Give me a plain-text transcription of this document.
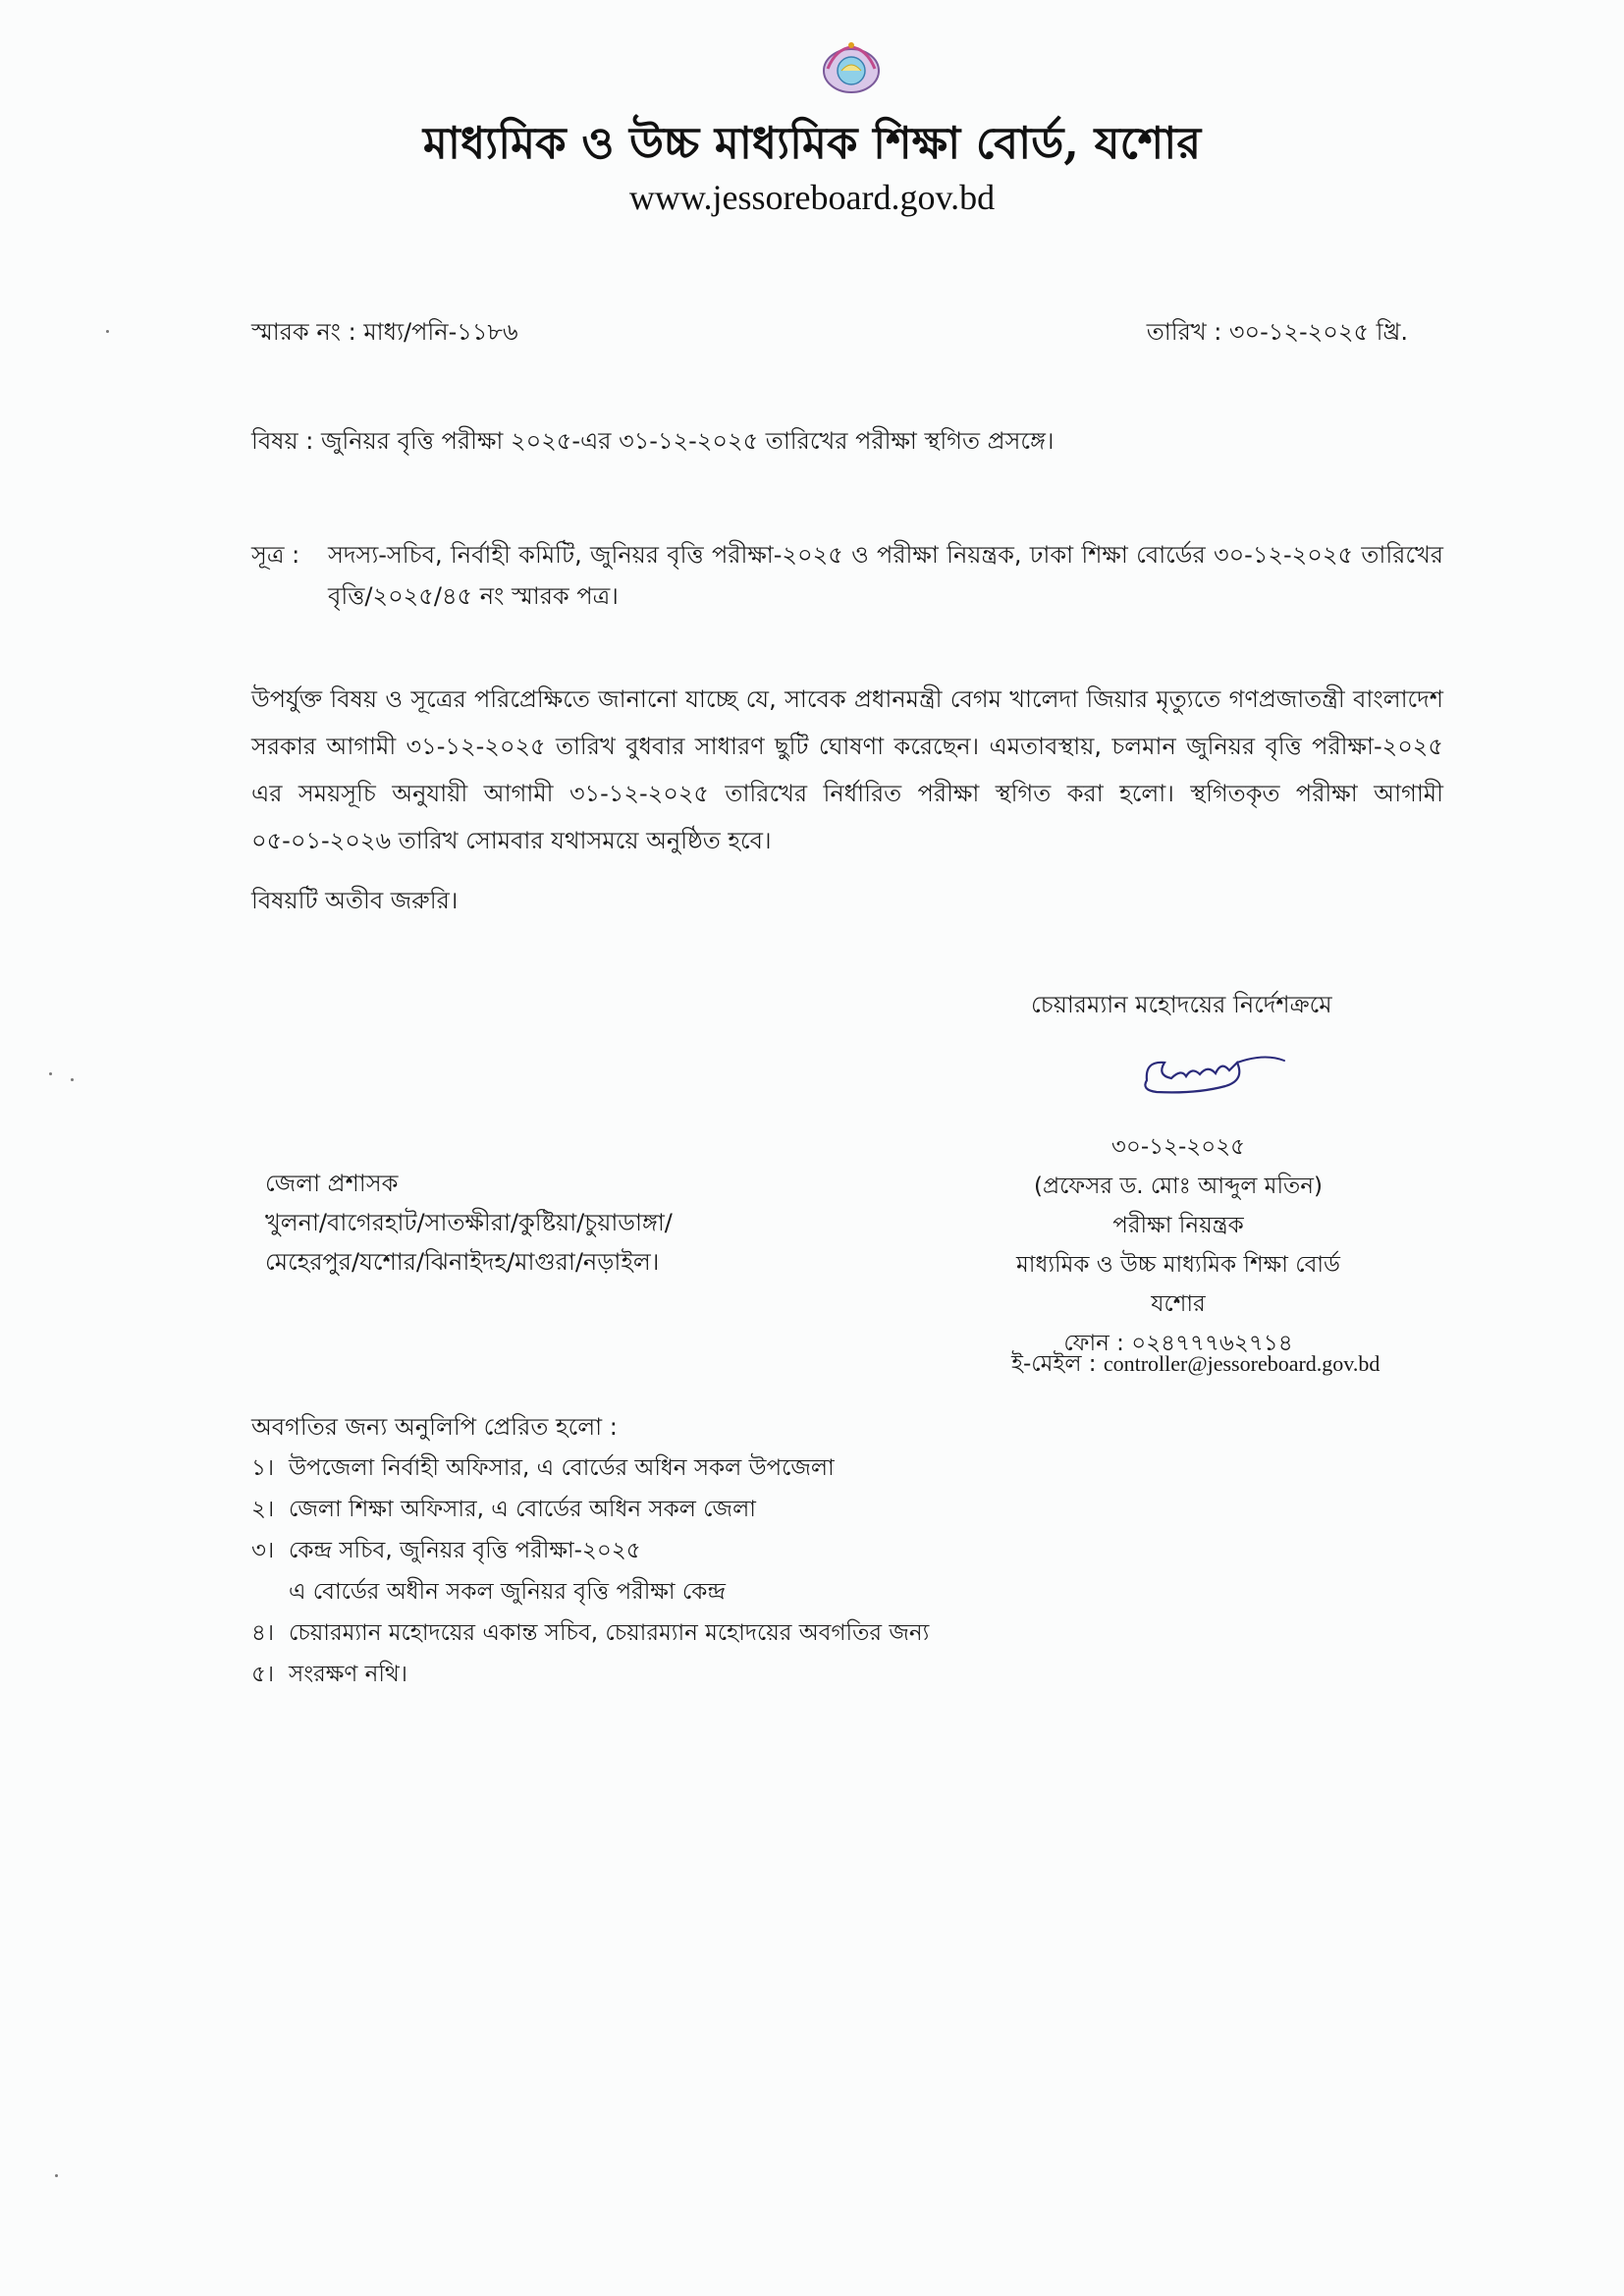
মাধ্যমিক ও উচ্চ মাধ্যমিক শিক্ষা বোর্ড, যশোর
www.jessoreboard.gov.bd
স্মারক নং : মাধ্য/পনি-১১৮৬	তারিখ : ৩০-১২-২০২৫ খ্রি.
বিষয় : জুনিয়র বৃত্তি পরীক্ষা ২০২৫-এর ৩১-১২-২০২৫ তারিখের পরীক্ষা স্থগিত প্রসঙ্গে।
সূত্র : সদস্য-সচিব, নির্বাহী কমিটি, জুনিয়র বৃত্তি পরীক্ষা-২০২৫ ও পরীক্ষা নিয়ন্ত্রক, ঢাকা শিক্ষা বোর্ডের ৩০-১২-২০২৫ তারিখের বৃত্তি/২০২৫/৪৫ নং স্মারক পত্র।
উপর্যুক্ত বিষয় ও সূত্রের পরিপ্রেক্ষিতে জানানো যাচ্ছে যে, সাবেক প্রধানমন্ত্রী বেগম খালেদা জিয়ার মৃত্যুতে গণপ্রজাতন্ত্রী বাংলাদেশ সরকার আগামী ৩১-১২-২০২৫ তারিখ বুধবার সাধারণ ছুটি ঘোষণা করেছেন। এমতাবস্থায়, চলমান জুনিয়র বৃত্তি পরীক্ষা-২০২৫ এর সময়সূচি অনুযায়ী আগামী ৩১-১২-২০২৫ তারিখের নির্ধারিত পরীক্ষা স্থগিত করা হলো। স্থগিতকৃত পরীক্ষা আগামী ০৫-০১-২০২৬ তারিখ সোমবার যথাসময়ে অনুষ্ঠিত হবে।
বিষয়টি অতীব জরুরি।
চেয়ারম্যান মহোদয়ের নির্দেশক্রমে
৩০-১২-২০২৫
(প্রফেসর ড. মোঃ আব্দুল মতিন)
পরীক্ষা নিয়ন্ত্রক
মাধ্যমিক ও উচ্চ মাধ্যমিক শিক্ষা বোর্ড
যশোর
ফোন : ০২৪৭৭৭৬২৭১৪
ই-মেইল : controller@jessoreboard.gov.bd
জেলা প্রশাসক
খুলনা/বাগেরহাট/সাতক্ষীরা/কুষ্টিয়া/চুয়াডাঙ্গা/
মেহেরপুর/যশোর/ঝিনাইদহ/মাগুরা/নড়াইল।
অবগতির জন্য অনুলিপি প্রেরিত হলো :
১। উপজেলা নির্বাহী অফিসার, এ বোর্ডের অধিন সকল উপজেলা
২। জেলা শিক্ষা অফিসার, এ বোর্ডের অধিন সকল জেলা
৩। কেন্দ্র সচিব, জুনিয়র বৃত্তি পরীক্ষা-২০২৫
এ বোর্ডের অধীন সকল জুনিয়র বৃত্তি পরীক্ষা কেন্দ্র
৪। চেয়ারম্যান মহোদয়ের একান্ত সচিব, চেয়ারম্যান মহোদয়ের অবগতির জন্য
৫। সংরক্ষণ নথি।
